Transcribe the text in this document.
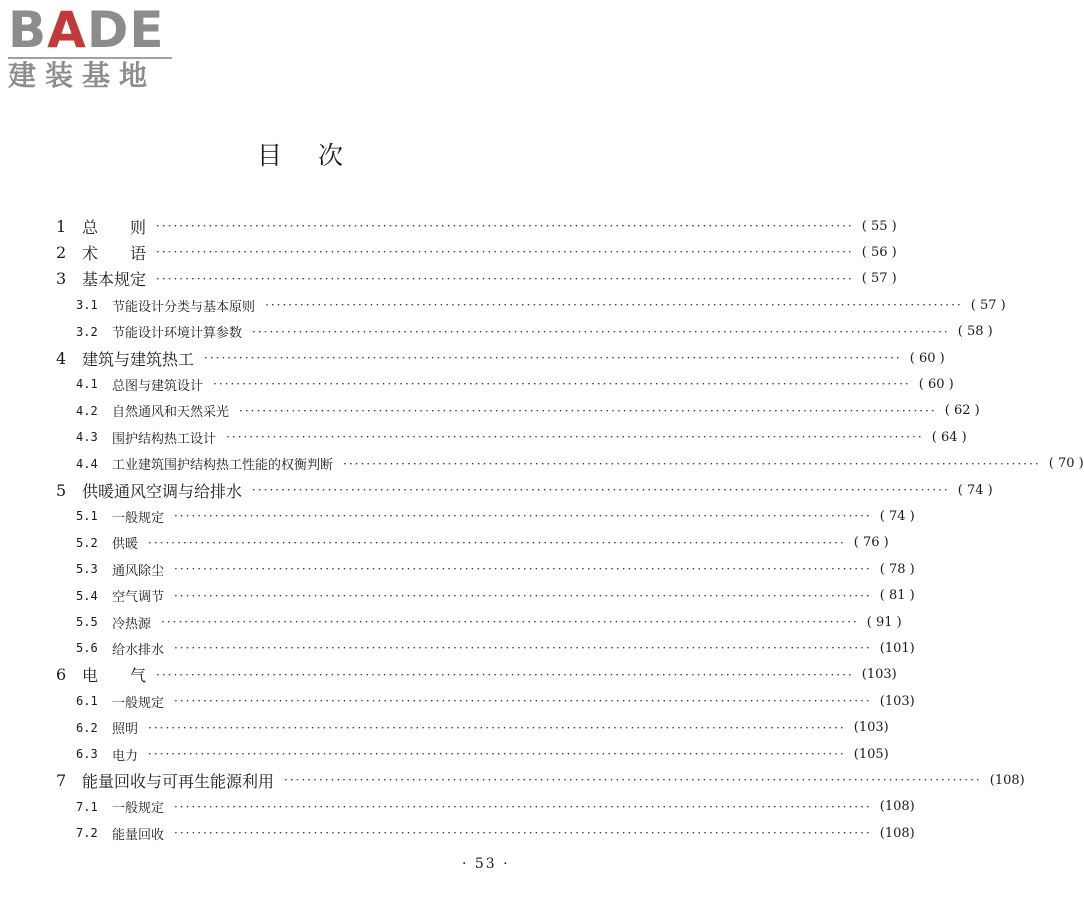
BADE
建装基地
目次
1 总　　则 ························································································································ ( 55 )
2 术　　语 ························································································································ ( 56 )
3 基本规定 ························································································································ ( 57 )
3.1	节能设计分类与基本原则 ························································································································ ( 57 )
3.2	节能设计环境计算参数 ························································································································ ( 58 )
4 建筑与建筑热工 ························································································································ ( 60 )
4.1	总图与建筑设计 ························································································································ ( 60 )
4.2	自然通风和天然采光 ························································································································ ( 62 )
4.3	围护结构热工设计 ························································································································ ( 64 )
4.4	工业建筑围护结构热工性能的权衡判断 ························································································································ ( 70 )
5 供暖通风空调与给排水 ························································································································ ( 74 )
5.1	一般规定 ························································································································ ( 74 )
5.2	供暖 ························································································································ ( 76 )
5.3	通风除尘 ························································································································ ( 78 )
5.4	空气调节 ························································································································ ( 81 )
5.5	冷热源 ························································································································ ( 91 )
5.6	给水排水 ························································································································ (101)
6 电　　气 ························································································································ (103)
6.1	一般规定 ························································································································ (103)
6.2	照明 ························································································································ (103)
6.3	电力 ························································································································ (105)
7 能量回收与可再生能源利用 ························································································································ (108)
7.1	一般规定 ························································································································ (108)
7.2	能量回收 ························································································································ (108)
· 53 ·
